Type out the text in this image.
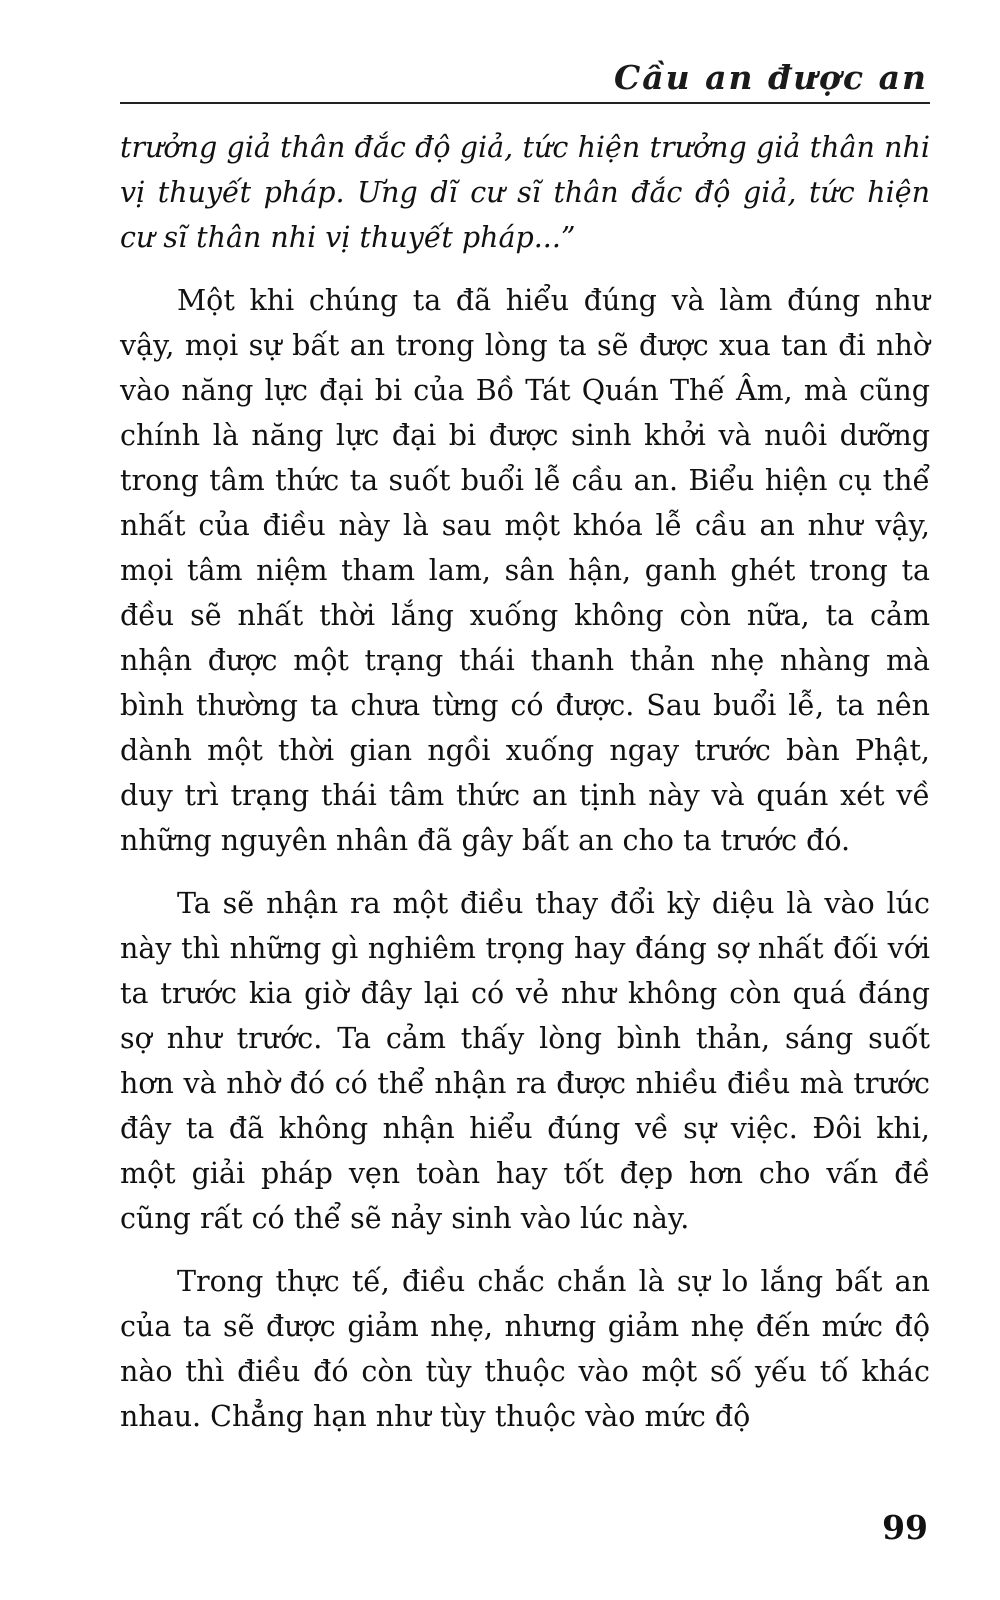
Cầu an được an

trưởng giả thân đắc độ giả, tức hiện trưởng giả thân nhi vị thuyết pháp. Ưng dĩ cư sĩ thân đắc độ giả, tức hiện cư sĩ thân nhi vị thuyết pháp...”

Một khi chúng ta đã hiểu đúng và làm đúng như vậy, mọi sự bất an trong lòng ta sẽ được xua tan đi nhờ vào năng lực đại bi của Bồ Tát Quán Thế Âm, mà cũng chính là năng lực đại bi được sinh khởi và nuôi dưỡng trong tâm thức ta suốt buổi lễ cầu an. Biểu hiện cụ thể nhất của điều này là sau một khóa lễ cầu an như vậy, mọi tâm niệm tham lam, sân hận, ganh ghét trong ta đều sẽ nhất thời lắng xuống không còn nữa, ta cảm nhận được một trạng thái thanh thản nhẹ nhàng mà bình thường ta chưa từng có được. Sau buổi lễ, ta nên dành một thời gian ngồi xuống ngay trước bàn Phật, duy trì trạng thái tâm thức an tịnh này và quán xét về những nguyên nhân đã gây bất an cho ta trước đó.

Ta sẽ nhận ra một điều thay đổi kỳ diệu là vào lúc này thì những gì nghiêm trọng hay đáng sợ nhất đối với ta trước kia giờ đây lại có vẻ như không còn quá đáng sợ như trước. Ta cảm thấy lòng bình thản, sáng suốt hơn và nhờ đó có thể nhận ra được nhiều điều mà trước đây ta đã không nhận hiểu đúng về sự việc. Đôi khi, một giải pháp vẹn toàn hay tốt đẹp hơn cho vấn đề cũng rất có thể sẽ nảy sinh vào lúc này.

Trong thực tế, điều chắc chắn là sự lo lắng bất an của ta sẽ được giảm nhẹ, nhưng giảm nhẹ đến mức độ nào thì điều đó còn tùy thuộc vào một số yếu tố khác nhau. Chẳng hạn như tùy thuộc vào mức độ

99
